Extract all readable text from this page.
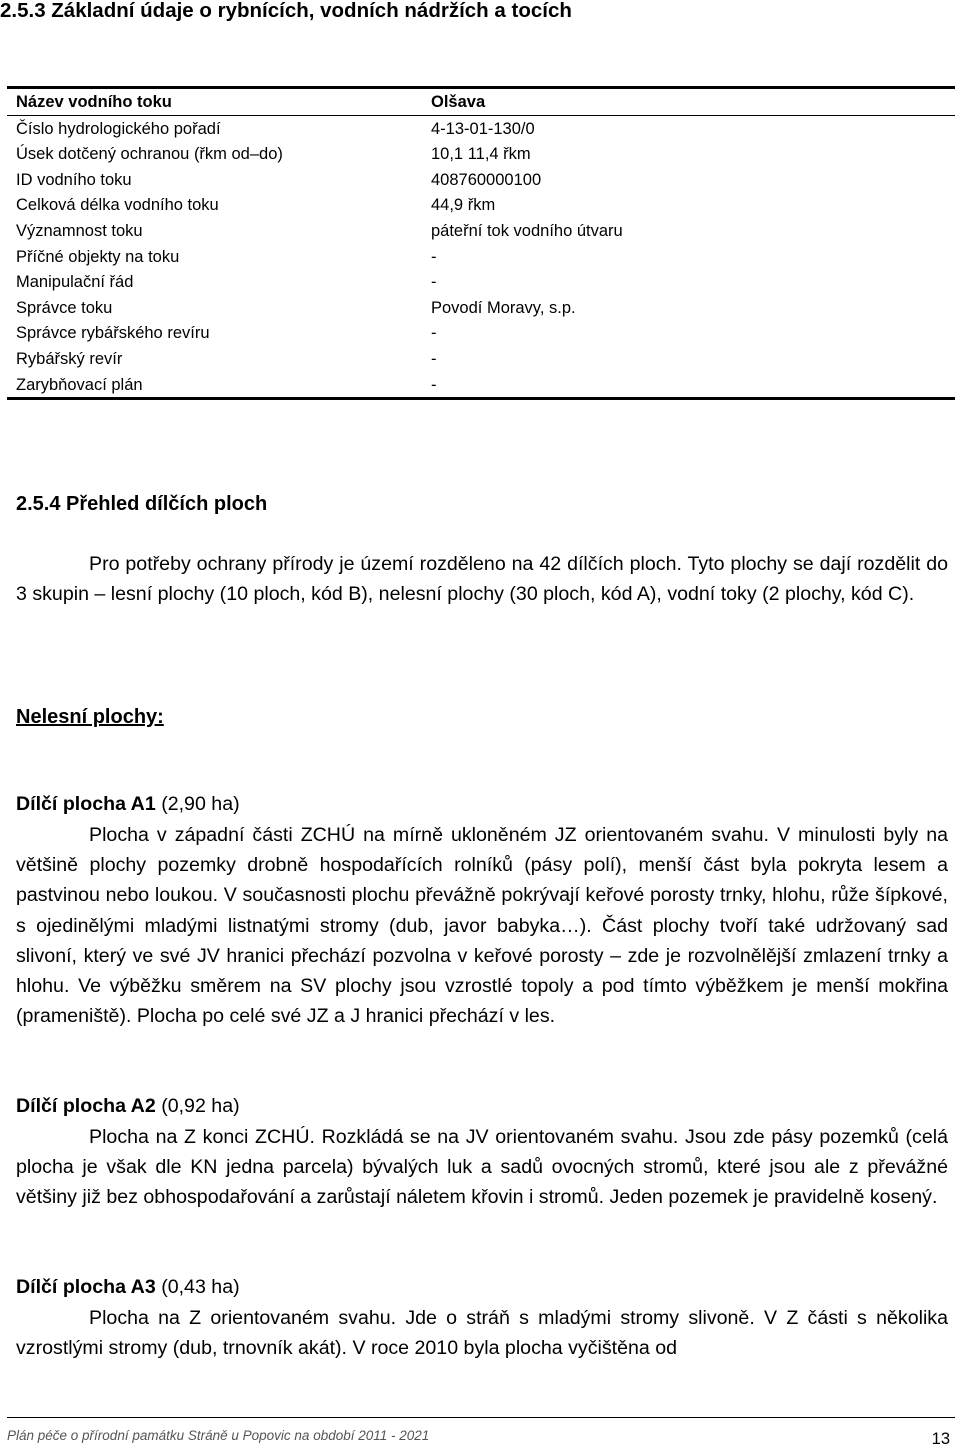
2.5.3 Základní údaje o rybnících, vodních nádržích a tocích
Název vodního toku	Olšava
Číslo hydrologického pořadí	4-13-01-130/0
Úsek dotčený ochranou (řkm od–do)	10,1 11,4 řkm
ID vodního toku	408760000100
Celková délka vodního toku	44,9 řkm
Významnost toku	páteřní tok vodního útvaru
Příčné objekty na toku	-
Manipulační řád	-
Správce toku	Povodí Moravy, s.p.
Správce rybářského revíru	-
Rybářský revír	-
Zarybňovací plán	-
2.5.4 Přehled dílčích ploch

Pro potřeby ochrany přírody je území rozděleno na 42 dílčích ploch. Tyto plochy se dají rozdělit do 3 skupin – lesní plochy (10 ploch, kód B), nelesní plochy (30 ploch, kód A), vodní toky (2 plochy, kód C).

Nelesní plochy:

Dílčí plocha A1 (2,90 ha)

Plocha v západní části ZCHÚ na mírně ukloněném JZ orientovaném svahu. V minulosti byly na většině plochy pozemky drobně hospodařících rolníků (pásy polí), menší část byla pokryta lesem a pastvinou nebo loukou. V současnosti plochu převážně pokrývají keřové porosty trnky, hlohu, růže šípkové, s ojedinělými mladými listnatými stromy (dub, javor babyka…). Část plochy tvoří také udržovaný sad slivoní, který ve své JV hranici přechází pozvolna v keřové porosty – zde je rozvolnělější zmlazení trnky a hlohu. Ve výběžku směrem na SV plochy jsou vzrostlé topoly a pod tímto výběžkem je menší mokřina (prameniště). Plocha po celé své JZ a J hranici přechází v les.

Dílčí plocha A2 (0,92 ha)

Plocha na Z konci ZCHÚ. Rozkládá se na JV orientovaném svahu. Jsou zde pásy pozemků (celá plocha je však dle KN jedna parcela) bývalých luk a sadů ovocných stromů, které jsou ale z převážné většiny již bez obhospodařování a zarůstají náletem křovin i stromů. Jeden pozemek je pravidelně kosený.

Dílčí plocha A3 (0,43 ha)

Plocha na Z orientovaném svahu. Jde o stráň s mladými stromy slivoně. V Z části s několika vzrostlými stromy (dub, trnovník akát). V roce 2010 byla plocha vyčištěna od

Plán péče o přírodní památku Stráně u Popovic na období 2011 - 2021	13
